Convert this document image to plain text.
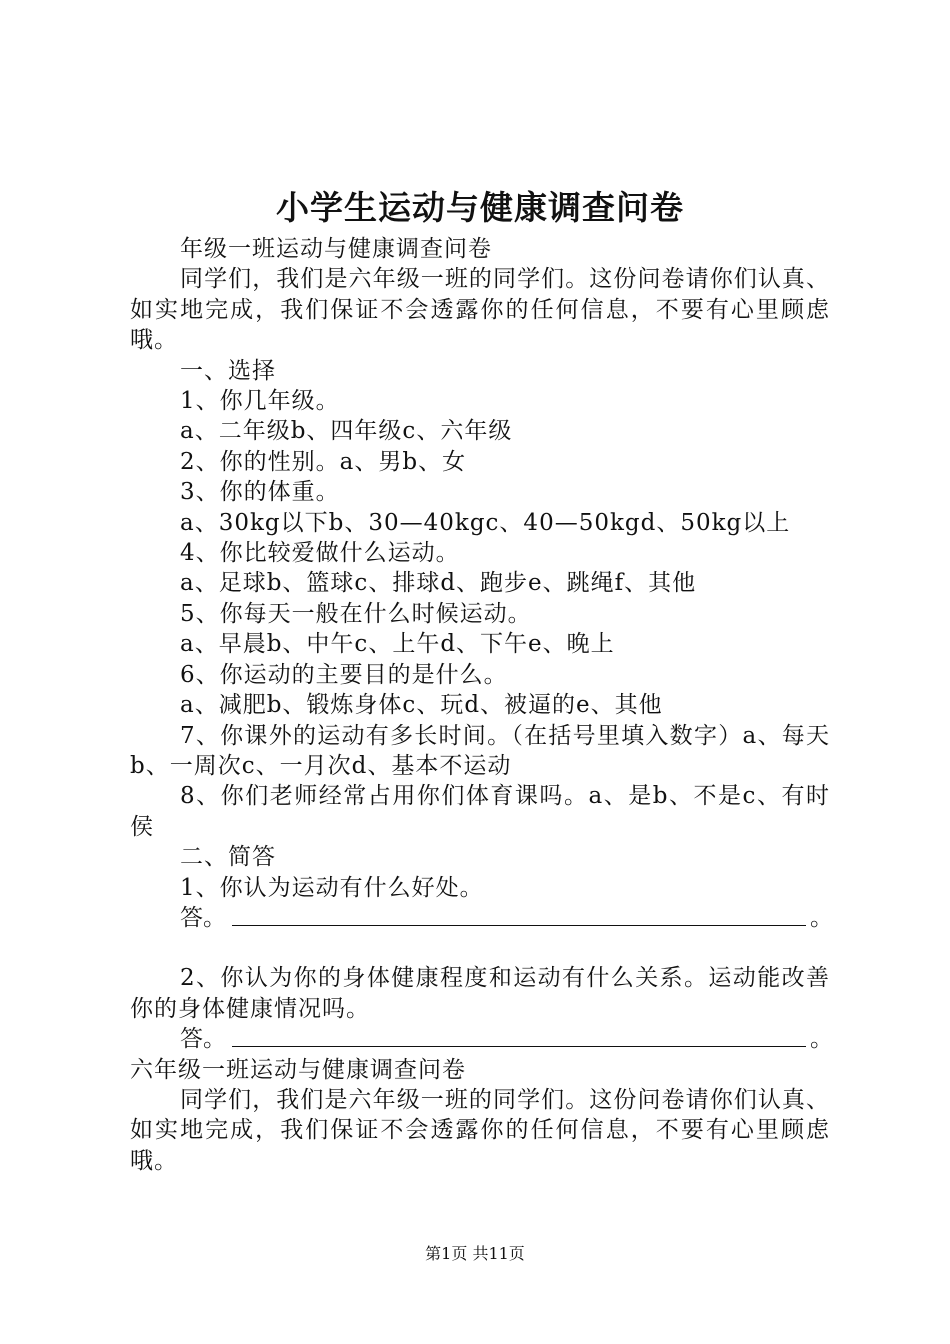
小学生运动与健康调查问卷

年级一班运动与健康调查问卷

同学们，我们是六年级一班的同学们。这份问卷请你们认真、如实地完成，我们保证不会透露你的任何信息，不要有心里顾虑哦。

一、选择

1、你几年级。

a、二年级b、四年级c、六年级

2、你的性别。a、男b、女

3、你的体重。

a、30kg以下b、30—40kgc、40—50kgd、50kg以上

4、你比较爱做什么运动。

a、足球b、篮球c、排球d、跑步e、跳绳f、其他

5、你每天一般在什么时候运动。

a、早晨b、中午c、上午d、下午e、晚上

6、你运动的主要目的是什么。

a、减肥b、锻炼身体c、玩d、被逼的e、其他

7、你课外的运动有多长时间。（在括号里填入数字）a、每天b、一周次c、一月次d、基本不运动

8、你们老师经常占用你们体育课吗。a、是b、不是c、有时侯

二、简答

1、你认为运动有什么好处。

答。	。

2、你认为你的身体健康程度和运动有什么关系。运动能改善你的身体健康情况吗。

答。	。

六年级一班运动与健康调查问卷

同学们，我们是六年级一班的同学们。这份问卷请你们认真、如实地完成，我们保证不会透露你的任何信息，不要有心里顾虑哦。

第1页 共11页
